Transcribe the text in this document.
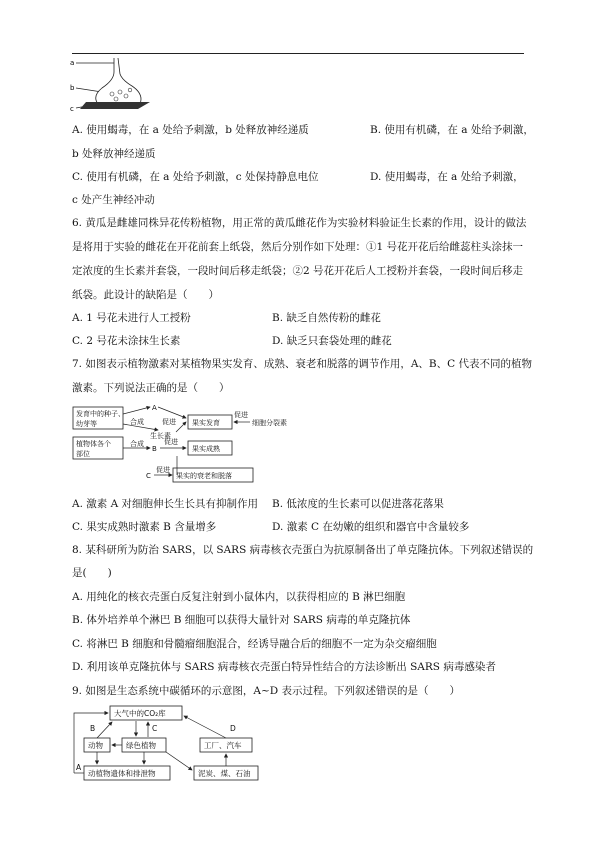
a
b
c
A. 使用蝎毒，在 a 处给予刺激，b 处释放神经递质	B. 使用有机磷，在 a 处给予刺激，
b 处释放神经递质
C. 使用有机磷，在 a 处给予刺激，c 处保持静息电位	D. 使用蝎毒，在 a 处给予刺激，
c 处产生神经冲动
6. 黄瓜是雌雄同株异花传粉植物，用正常的黄瓜雌花作为实验材料验证生长素的作用，设计的做法
是将用于实验的雌花在开花前套上纸袋，然后分别作如下处理：①1 号花开花后给雌蕊柱头涂抹一
定浓度的生长素并套袋，一段时间后移走纸袋；②2 号花开花后人工授粉并套袋，一段时间后移走
纸袋。此设计的缺陷是（　　）
A. 1 号花未进行人工授粉	B. 缺乏自然传粉的雌花
C. 2 号花未涂抹生长素	D. 缺乏只套袋处理的雌花
7. 如图表示植物激素对某植物果实发育、成熟、衰老和脱落的调节作用，A、B、C 代表不同的植物
激素。下列说法正确的是（　　）
发育中的种子、
幼芽等
植物体各个
部位
A
合成
生长素
促进 果实发育
促进
细胞分裂素
合成
B
促进
果实成熟
C
促进
果实的衰老和脱落
A. 激素 A 对细胞伸长生长具有抑制作用 B. 低浓度的生长素可以促进落花落果
C. 果实成熟时激素 B 含量增多	D. 激素 C 在幼嫩的组织和器官中含量较多
8. 某科研所为防治 SARS，以 SARS 病毒核衣壳蛋白为抗原制备出了单克隆抗体。下列叙述错误的
是(　　)
A. 用纯化的核衣壳蛋白反复注射到小鼠体内，以获得相应的 B 淋巴细胞
B. 体外培养单个淋巴 B 细胞可以获得大量针对 SARS 病毒的单克隆抗体
C. 将淋巴 B 细胞和骨髓瘤细胞混合，经诱导融合后的细胞不一定为杂交瘤细胞
D. 利用该单克隆抗体与 SARS 病毒核衣壳蛋白特异性结合的方法诊断出 SARS 病毒感染者
9. 如图是生态系统中碳循环的示意图，A~D 表示过程。下列叙述错误的是（　　）
大气中的CO₂库
动物	绿色植物	工厂、汽车
动植物遗体和排泄物	泥炭、煤、石油
A
B	C	D
